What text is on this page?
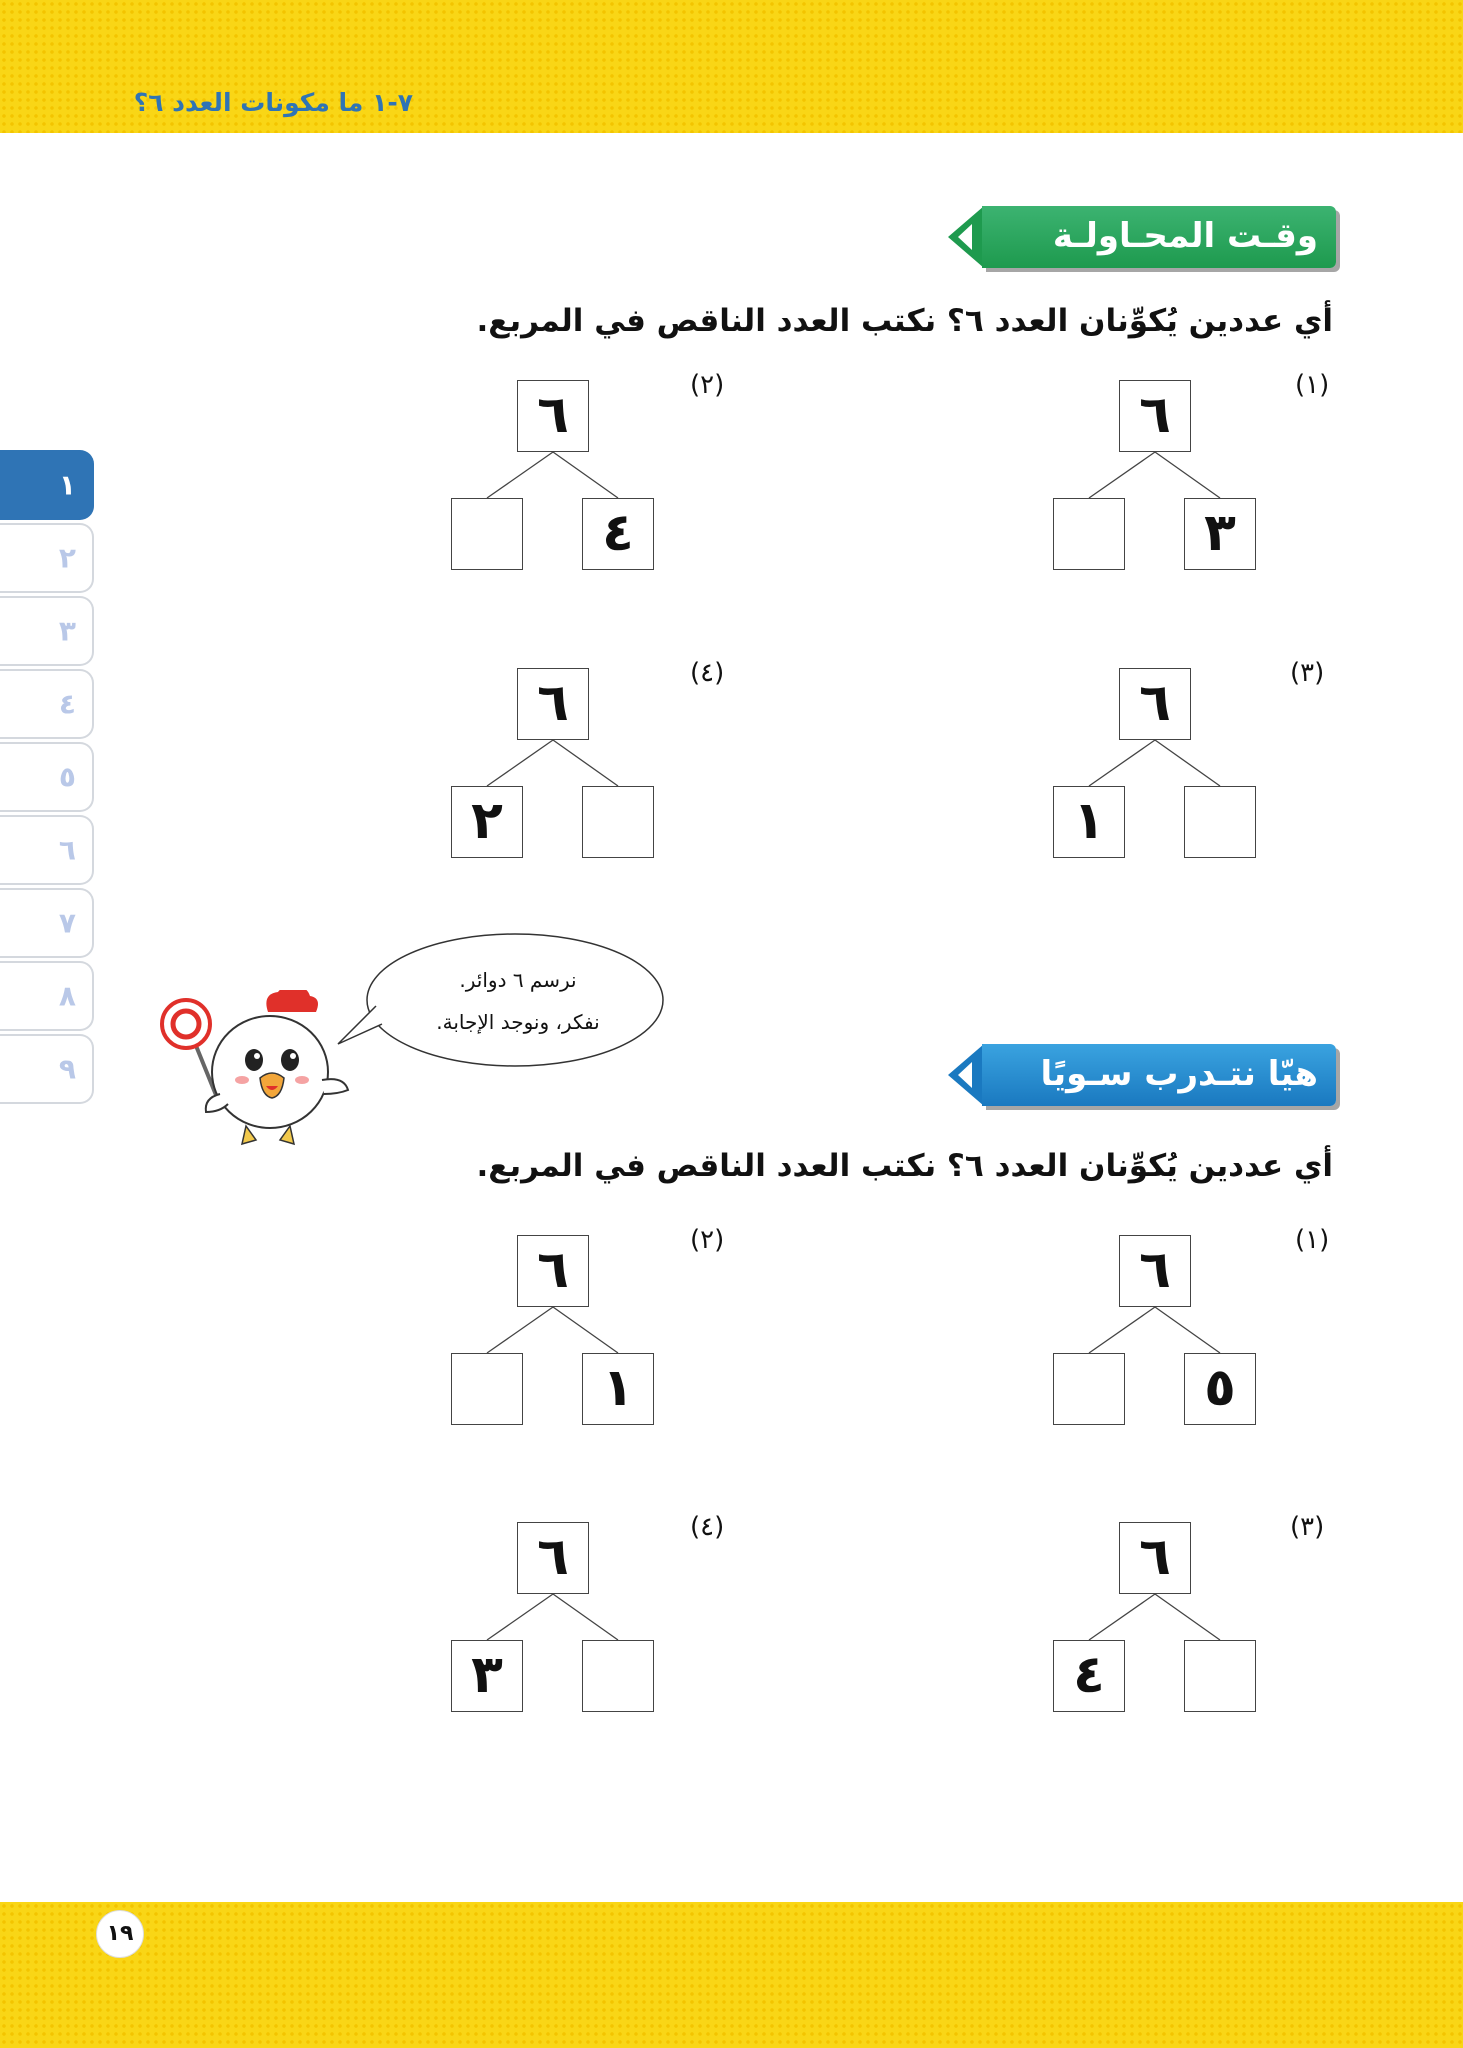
٧-١ ما مكونات العدد ٦؟
١
٢
٣
٤
٥
٦
٧
٨
٩
وقـت المحـاولـة
أي عددين يُكوِّنان العدد ٦؟ نكتب العدد الناقص في المربع.
(١)
٦
٣
(٢)
٦
٤
(٣)
٦
١
(٤)
٦
٢
نرسم ٦ دوائر.
نفكر، ونوجد الإجابة.
هيّا نتـدرب سـويًا
أي عددين يُكوِّنان العدد ٦؟ نكتب العدد الناقص في المربع.
(١)
٦
٥
(٢)
٦
١
(٣)
٦
٤
(٤)
٦
٣
١٩
